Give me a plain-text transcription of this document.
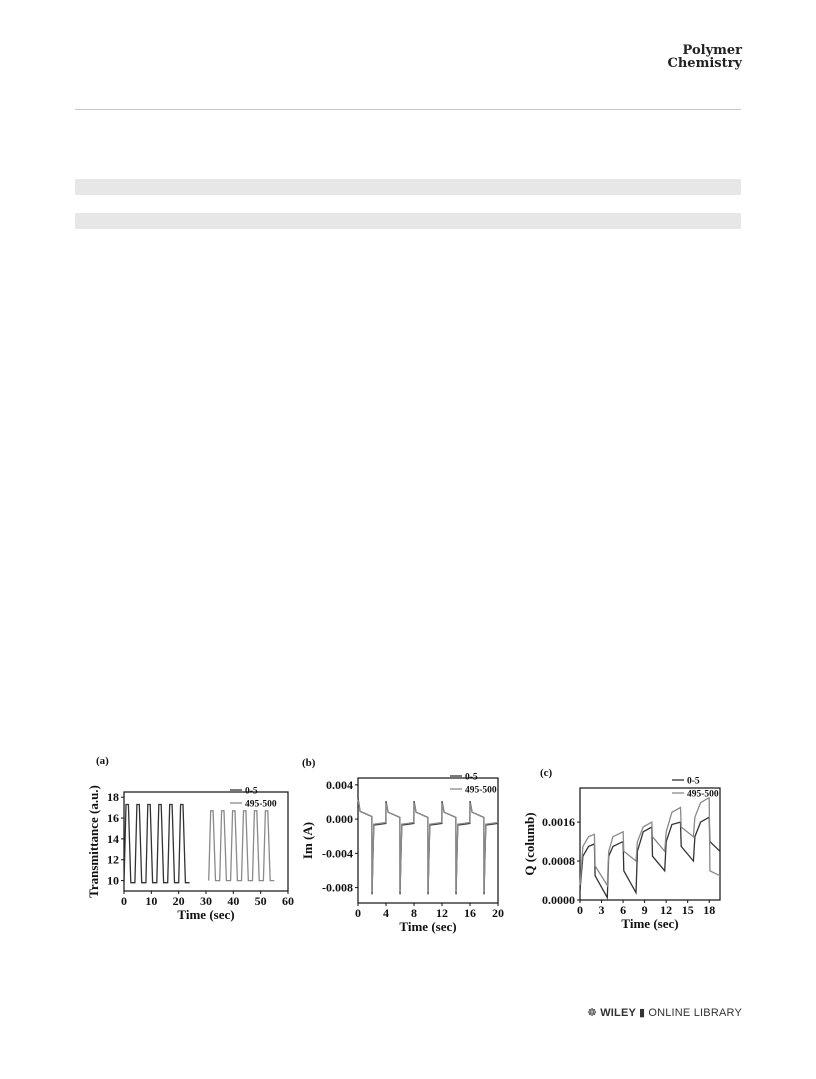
Polymer
Chemistry
(a)
0 10 20 30 40 50 60
10
12
14
16
18
Time (sec)
Transmittance (a.u.)	0-5
495-500
(b)
0 4 8 12 16 20
0.004
0.000
-0.004
-0.008
Time (sec)
Im (A)
0-5
495-500
(c)
0 3 6 9 12 15 18
0.0000
0.0008
0.0016
Time (sec)
Q (columb)
0-5
495-500
☸ WILEY ▮ ONLINE LIBRARY
